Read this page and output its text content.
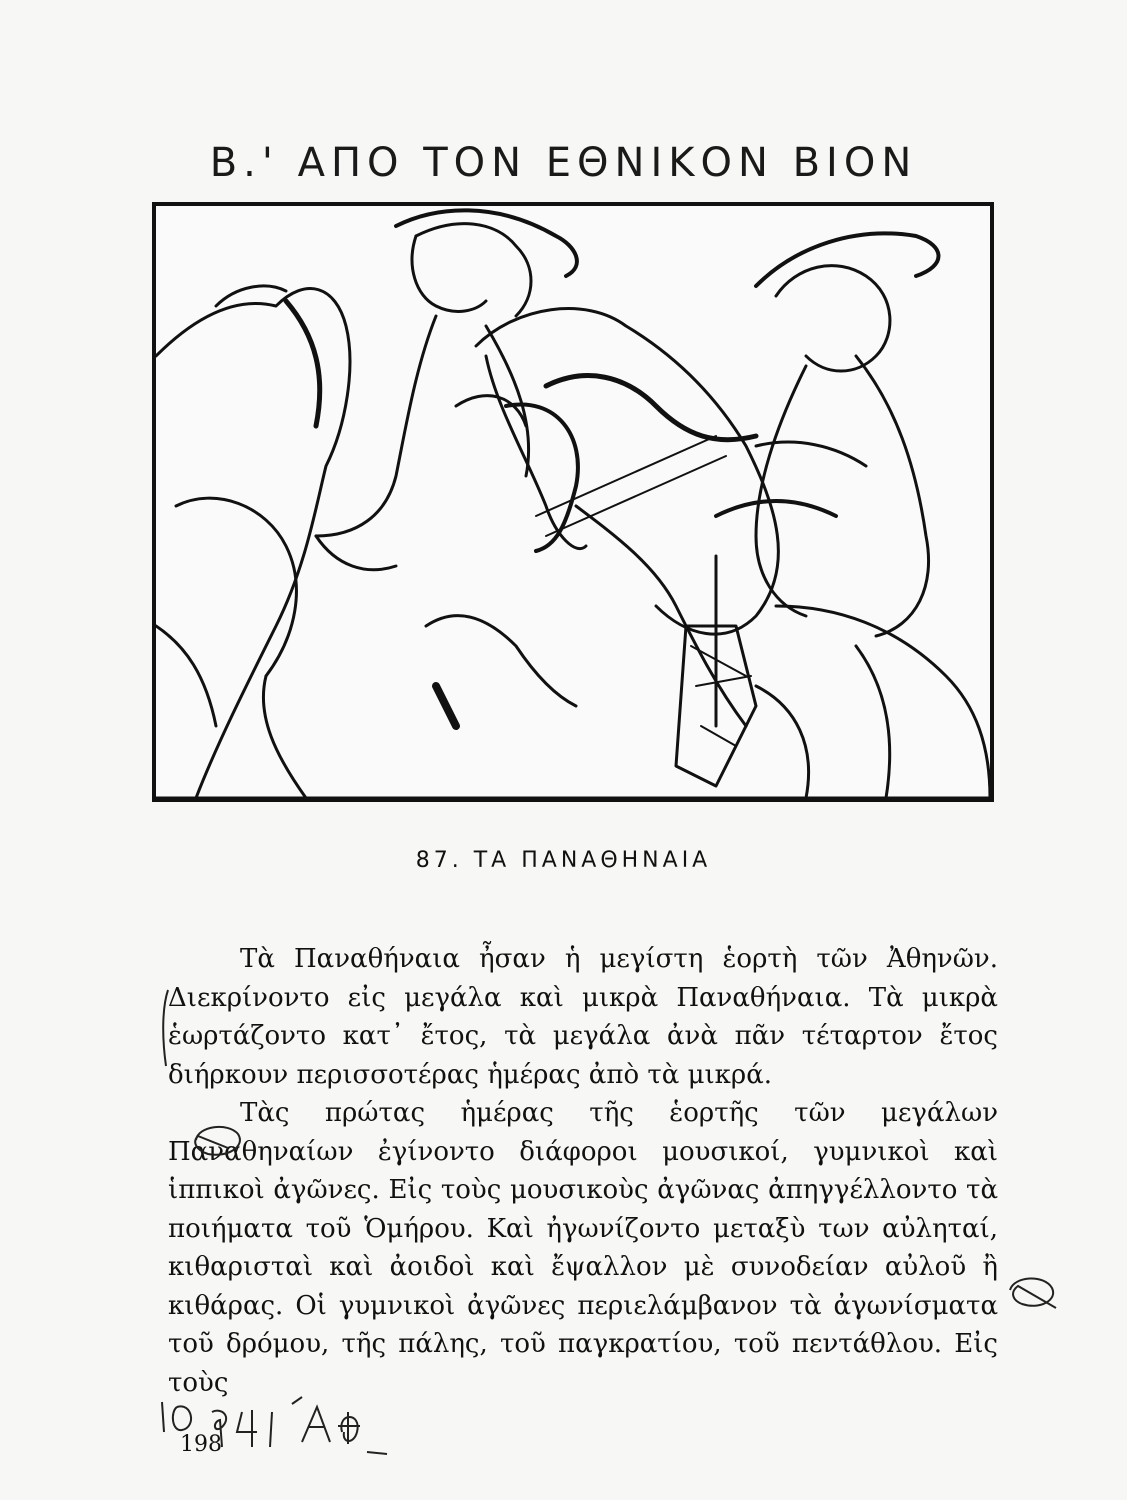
Β.' ΑΠΟ ΤΟΝ ΕΘΝΙΚΟΝ ΒΙΟΝ
87. ΤΑ ΠΑΝΑΘΗΝΑΙΑ

Τὰ Παναθήναια ἦσαν ἡ μεγίστη ἑορτὴ τῶν Ἀθηνῶν. Διεκρίνοντο εἰς μεγάλα καὶ μικρὰ Παναθήναια. Τὰ μικρὰ ἑωρτάζοντο κατ᾽ ἔτος, τὰ μεγάλα ἀνὰ πᾶν τέταρτον ἔτος διήρκουν περισσοτέρας ἡμέρας ἀπὸ τὰ μικρά.

Τὰς πρώτας ἡμέρας τῆς ἑορτῆς τῶν μεγάλων Παναθηναίων ἐγίνοντο διάφοροι μουσικοί, γυμνικοὶ καὶ ἱππικοὶ ἀγῶνες. Εἰς τοὺς μουσικοὺς ἀγῶνας ἀπηγγέλλοντο τὰ ποιήματα τοῦ Ὁμήρου. Καὶ ἠγωνίζοντο μεταξὺ των αὐληταί, κιθαρισταὶ καὶ ἀοιδοὶ καὶ ἔψαλλον μὲ συνοδείαν αὐλοῦ ἢ κιθάρας. Οἱ γυμνικοὶ ἀγῶνες περιελάμβανον τὰ ἀγωνίσματα τοῦ δρόμου, τῆς πάλης, τοῦ παγκρατίου, τοῦ πεντάθλου. Εἰς τοὺς

198
